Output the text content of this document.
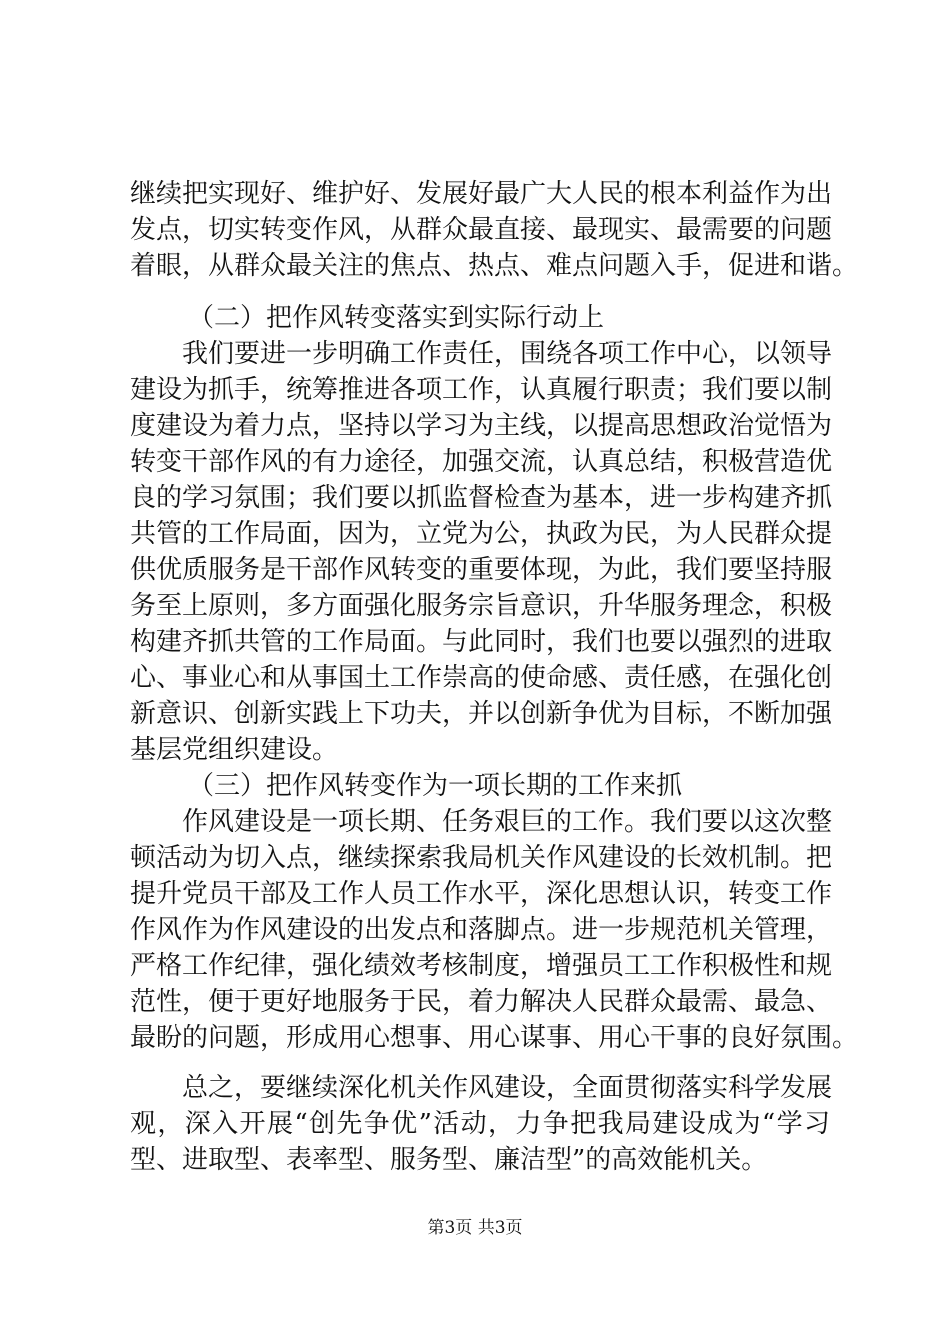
继续把实现好、维护好、发展好最广大人民的根本利益作为出
发点，切实转变作风，从群众最直接、最现实、最需要的问题
着眼，从群众最关注的焦点、热点、难点问题入手，促进和谐。
（二）把作风转变落实到实际行动上
我们要进一步明确工作责任，围绕各项工作中心，以领导
建设为抓手，统筹推进各项工作，认真履行职责；我们要以制
度建设为着力点，坚持以学习为主线，以提高思想政治觉悟为
转变干部作风的有力途径，加强交流，认真总结，积极营造优
良的学习氛围；我们要以抓监督检查为基本，进一步构建齐抓
共管的工作局面，因为，立党为公，执政为民，为人民群众提
供优质服务是干部作风转变的重要体现，为此，我们要坚持服
务至上原则，多方面强化服务宗旨意识，升华服务理念，积极
构建齐抓共管的工作局面。与此同时，我们也要以强烈的进取
心、事业心和从事国土工作崇高的使命感、责任感，在强化创
新意识、创新实践上下功夫，并以创新争优为目标，不断加强
基层党组织建设。
（三）把作风转变作为一项长期的工作来抓
作风建设是一项长期、任务艰巨的工作。我们要以这次整
顿活动为切入点，继续探索我局机关作风建设的长效机制。把
提升党员干部及工作人员工作水平，深化思想认识，转变工作
作风作为作风建设的出发点和落脚点。进一步规范机关管理，
严格工作纪律，强化绩效考核制度，增强员工工作积极性和规
范性，便于更好地服务于民，着力解决人民群众最需、最急、
最盼的问题，形成用心想事、用心谋事、用心干事的良好氛围。
总之，要继续深化机关作风建设，全面贯彻落实科学发展
观，深入开展“创先争优”活动，力争把我局建设成为“学习
型、进取型、表率型、服务型、廉洁型”的高效能机关。
第3页 共3页
